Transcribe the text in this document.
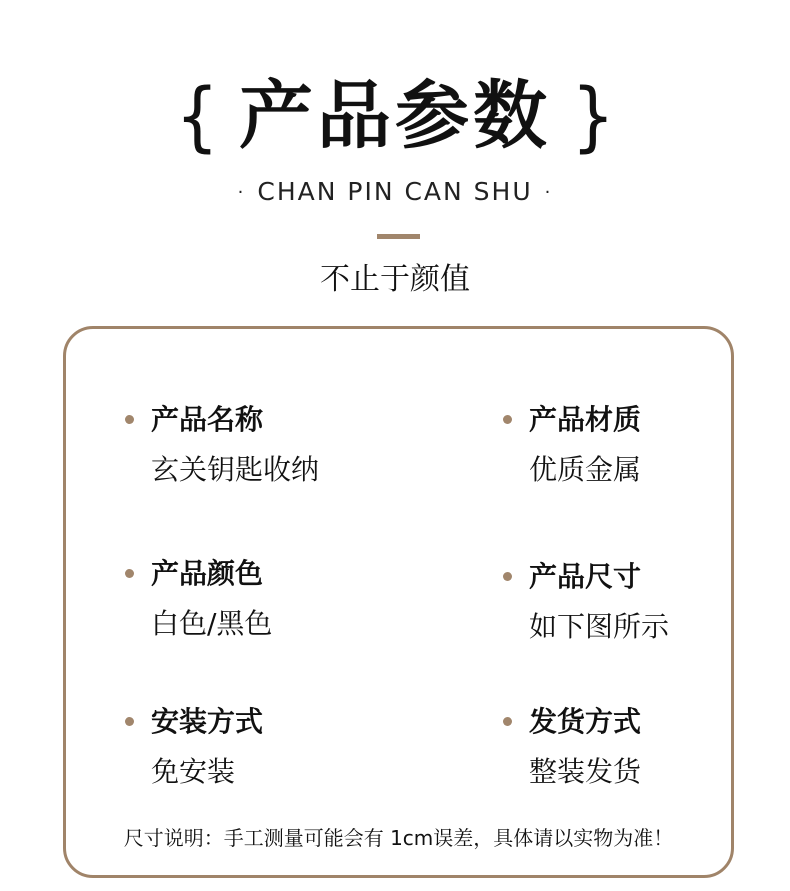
{ 产品参数 }
· CHAN PIN CAN SHU ·
不止于颜值
产品名称
玄关钥匙收纳
产品材质
优质金属
产品颜色
白色/黑色
产品尺寸
如下图所示
安装方式
免安装
发货方式
整装发货
尺寸说明：手工测量可能会有 1cm误差，具体请以实物为准！
